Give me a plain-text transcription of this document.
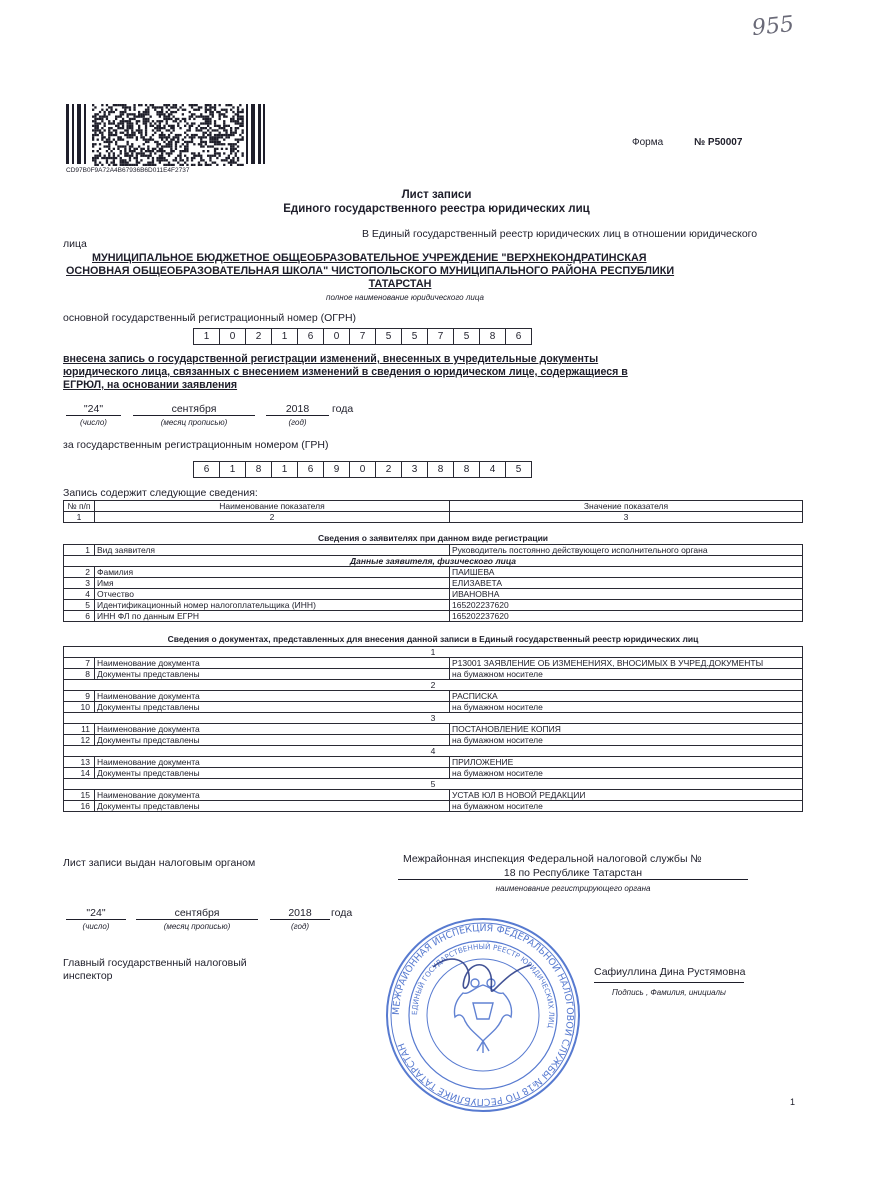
955
CD97B0F9A72A4B67936B6D011E4F2737
Форма	№ Р50007
Лист записи
Единого государственного реестра юридических лиц
В Единый государственный реестр юридических лиц в отношении юридического
лица
МУНИЦИПАЛЬНОЕ БЮДЖЕТНОЕ ОБЩЕОБРАЗОВАТЕЛЬНОЕ УЧРЕЖДЕНИЕ "ВЕРХНЕКОНДРАТИНСКАЯ
ОСНОВНАЯ ОБЩЕОБРАЗОВАТЕЛЬНАЯ ШКОЛА" ЧИСТОПОЛЬСКОГО МУНИЦИПАЛЬНОГО РАЙОНА РЕСПУБЛИКИ
ТАТАРСТАН
полное наименование юридического лица
основной государственный регистрационный номер (ОГРН)
1	0	2	1	6	0	7	5	5	7	5	8	6
внесена запись о государственной регистрации изменений, внесенных в учредительные документы
юридического лица, связанных с внесением изменений в сведения о юридическом лице, содержащиеся в
ЕГРЮЛ, на основании заявления
"24"	сентября	2018	года
(число)	(месяц прописью)	(год)
за государственным регистрационным номером (ГРН)
6	1	8	1	6	9	0	2	3	8	8	4	5
Запись содержит следующие сведения:
№ п/п	Наименование показателя	Значение показателя
1	2	3
Сведения о заявителях при данном виде регистрации
1	Вид заявителя	Руководитель постоянно действующего исполнительного органа
Данные заявителя, физического лица		
2	Фамилия	ПАИШЕВА
3	Имя	ЕЛИЗАВЕТА
4	Отчество	ИВАНОВНА
5	Идентификационный номер налогоплательщика (ИНН)	165202237620
6	ИНН ФЛ по данным ЕГРН	165202237620
Сведения о документах, представленных для внесения данной записи в Единый государственный реестр юридических лиц
1		
7	Наименование документа	Р13001 ЗАЯВЛЕНИЕ ОБ ИЗМЕНЕНИЯХ, ВНОСИМЫХ В УЧРЕД.ДОКУМЕНТЫ
8	Документы представлены	на бумажном носителе
2		
9	Наименование документа	РАСПИСКА
10	Документы представлены	на бумажном носителе
3		
11	Наименование документа	ПОСТАНОВЛЕНИЕ КОПИЯ
12	Документы представлены	на бумажном носителе
4		
13	Наименование документа	ПРИЛОЖЕНИЕ
14	Документы представлены	на бумажном носителе
5		
15	Наименование документа	УСТАВ ЮЛ В НОВОЙ РЕДАКЦИИ
16	Документы представлены	на бумажном носителе
Лист записи выдан налоговым органом	Межрайонная инспекция Федеральной налоговой службы №
18 по Республике Татарстан
наименование регистрирующего органа
"24"	сентября	2018	года
(число)	(месяц прописью)	(год)
Главный государственный налоговый
инспектор
МЕЖРАЙОННАЯ ИНСПЕКЦИЯ ФЕДЕРАЛЬНОЙ НАЛОГОВОЙ СЛУЖБЫ №18 ПО РЕСПУБЛИКЕ ТАТАРСТАН
ЕДИНЫЙ ГОСУДАРСТВЕННЫЙ РЕЕСТР ЮРИДИЧЕСКИХ ЛИЦ
Сафиуллина Дина Рустямовна
Подпись , Фамилия, инициалы
1
